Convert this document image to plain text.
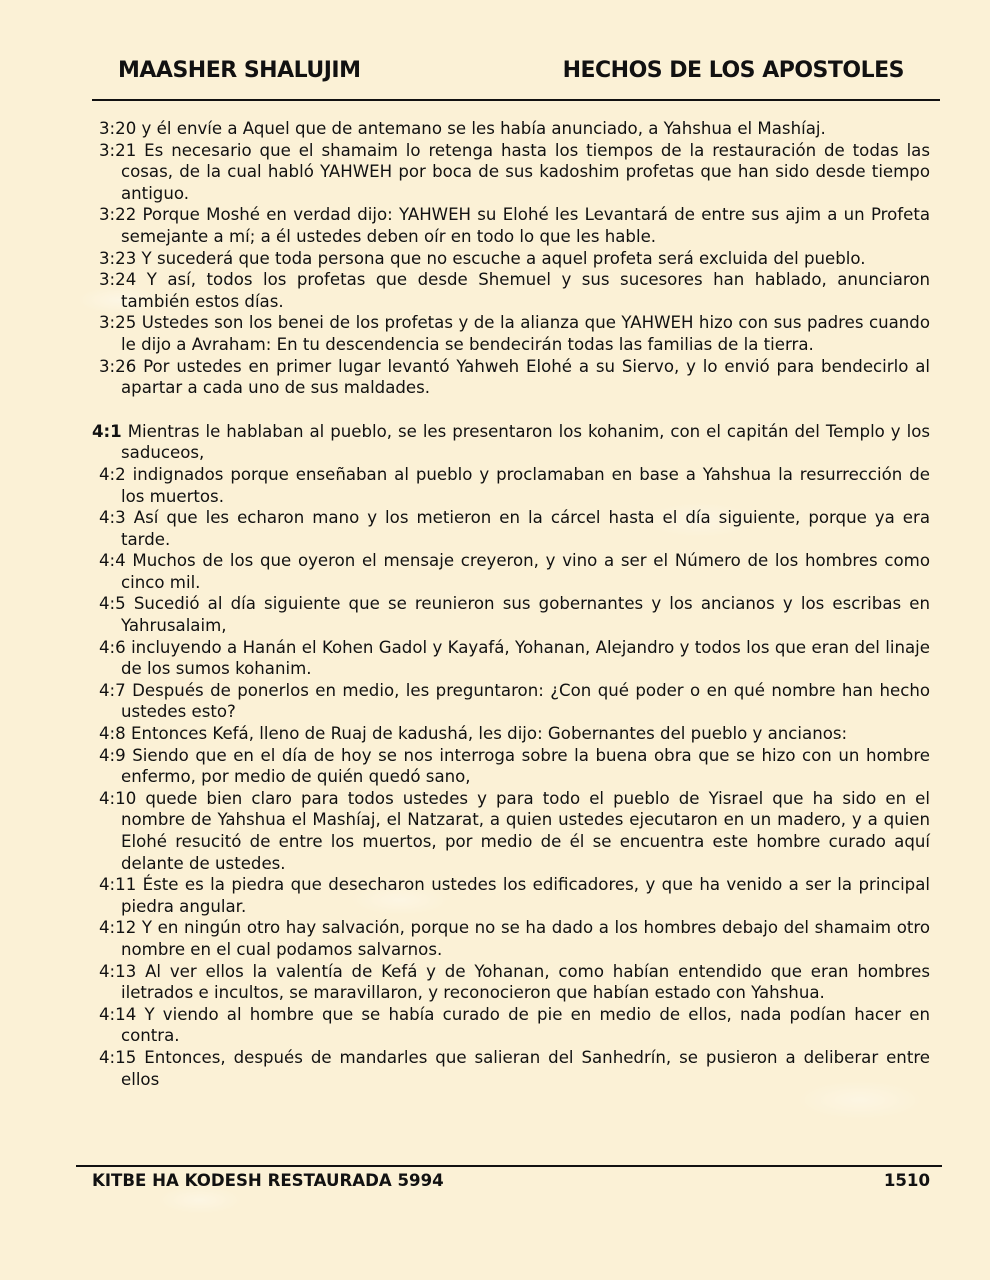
MAASHER SHALUJIM	HECHOS DE LOS APOSTOLES

3:20 y él envíe a Aquel que de antemano se les había anunciado, a Yahshua el Mashíaj.

3:21 Es necesario que el shamaim lo retenga hasta los tiempos de la restauración de todas las cosas, de la cual habló YAHWEH por boca de sus kadoshim profetas que han sido desde tiempo antiguo.

3:22 Porque Moshé en verdad dijo: YAHWEH su Elohé les Levantará de entre sus ajim a un Profeta semejante a mí; a él ustedes deben oír en todo lo que les hable.

3:23 Y sucederá que toda persona que no escuche a aquel profeta será excluida del pueblo.

3:24 Y así, todos los profetas que desde Shemuel y sus sucesores han hablado, anunciaron también estos días.

3:25 Ustedes son los benei de los profetas y de la alianza que YAHWEH hizo con sus padres cuando le dijo a Avraham: En tu descendencia se bendecirán todas las familias de la tierra.

3:26 Por ustedes en primer lugar levantó Yahweh Elohé a su Siervo, y lo envió para bendecirlo al apartar a cada uno de sus maldades.

4:1 Mientras le hablaban al pueblo, se les presentaron los kohanim, con el capitán del Templo y los saduceos,

4:2 indignados porque enseñaban al pueblo y proclamaban en base a Yahshua la resurrección de los muertos.

4:3 Así que les echaron mano y los metieron en la cárcel hasta el día siguiente, porque ya era tarde.

4:4 Muchos de los que oyeron el mensaje creyeron, y vino a ser el Número de los hombres como cinco mil.

4:5 Sucedió al día siguiente que se reunieron sus gobernantes y los ancianos y los escribas en Yahrusalaim,

4:6 incluyendo a Hanán el Kohen Gadol y Kayafá, Yohanan, Alejandro y todos los que eran del linaje de los sumos kohanim.

4:7 Después de ponerlos en medio, les preguntaron: ¿Con qué poder o en qué nombre han hecho ustedes esto?

4:8 Entonces Kefá, lleno de Ruaj de kadushá, les dijo: Gobernantes del pueblo y ancianos:

4:9 Siendo que en el día de hoy se nos interroga sobre la buena obra que se hizo con un hombre enfermo, por medio de quién quedó sano,

4:10 quede bien claro para todos ustedes y para todo el pueblo de Yisrael que ha sido en el nombre de Yahshua el Mashíaj, el Natzarat, a quien ustedes ejecutaron en un madero, y a quien Elohé resucitó de entre los muertos, por medio de él se encuentra este hombre curado aquí delante de ustedes.

4:11 Éste es la piedra que desecharon ustedes los edificadores, y que ha venido a ser la principal piedra angular.

4:12 Y en ningún otro hay salvación, porque no se ha dado a los hombres debajo del shamaim otro nombre en el cual podamos salvarnos.

4:13 Al ver ellos la valentía de Kefá y de Yohanan, como habían entendido que eran hombres iletrados e incultos, se maravillaron, y reconocieron que habían estado con Yahshua.

4:14 Y viendo al hombre que se había curado de pie en medio de ellos, nada podían hacer en contra.

4:15 Entonces, después de mandarles que salieran del Sanhedrín, se pusieron a deliberar entre ellos

KITBE HA KODESH RESTAURADA 5994	1510
